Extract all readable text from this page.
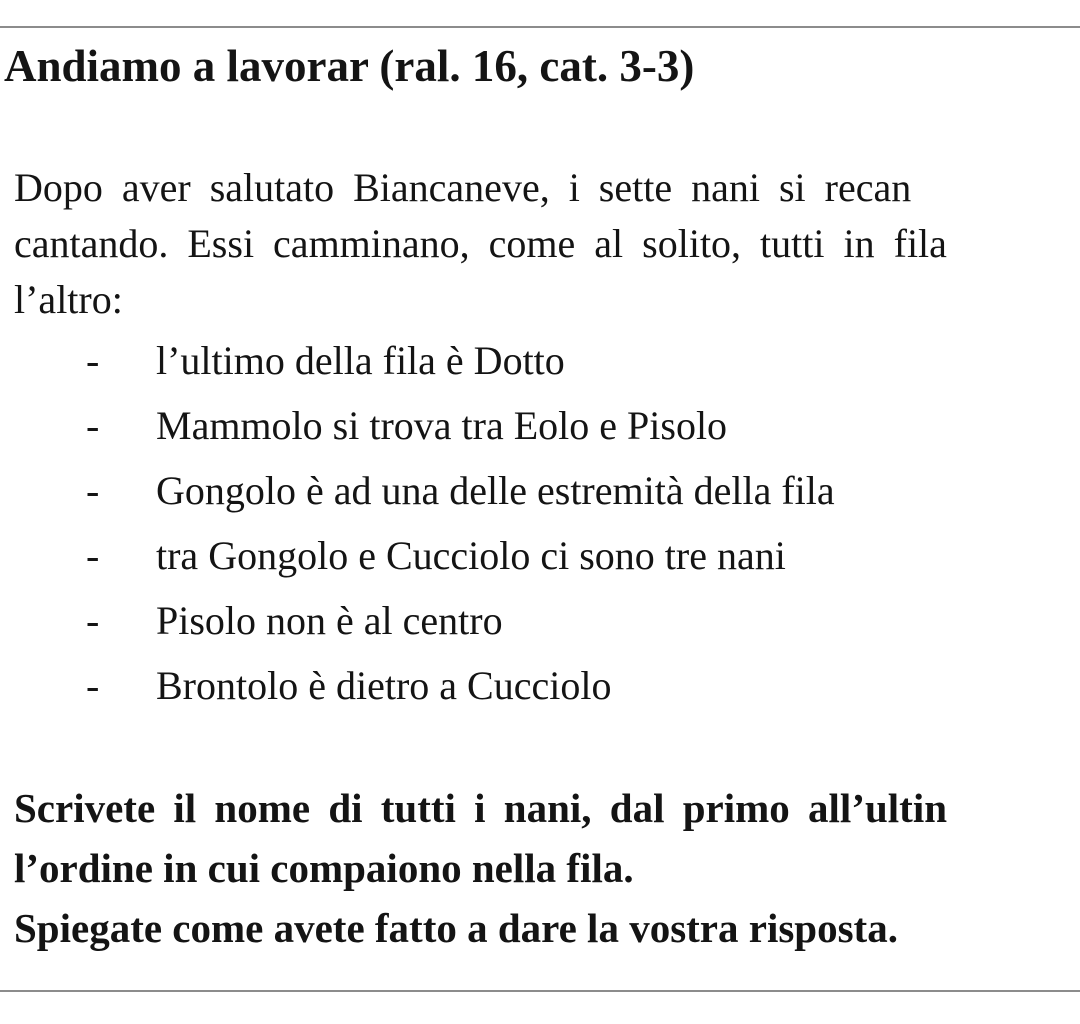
Andiamo a lavorar (ral. 16, cat. 3-3)
Dopo aver salutato Biancaneve, i sette nani si recan
cantando. Essi camminano, come al solito, tutti in fila
l’altro:
- l’ultimo della fila è Dotto
- Mammolo si trova tra Eolo e Pisolo
- Gongolo è ad una delle estremità della fila
- tra Gongolo e Cucciolo ci sono tre nani
- Pisolo non è al centro
- Brontolo è dietro a Cucciolo
Scrivete il nome di tutti i nani, dal primo all’ultin
l’ordine in cui compaiono nella fila.
Spiegate come avete fatto a dare la vostra risposta.
